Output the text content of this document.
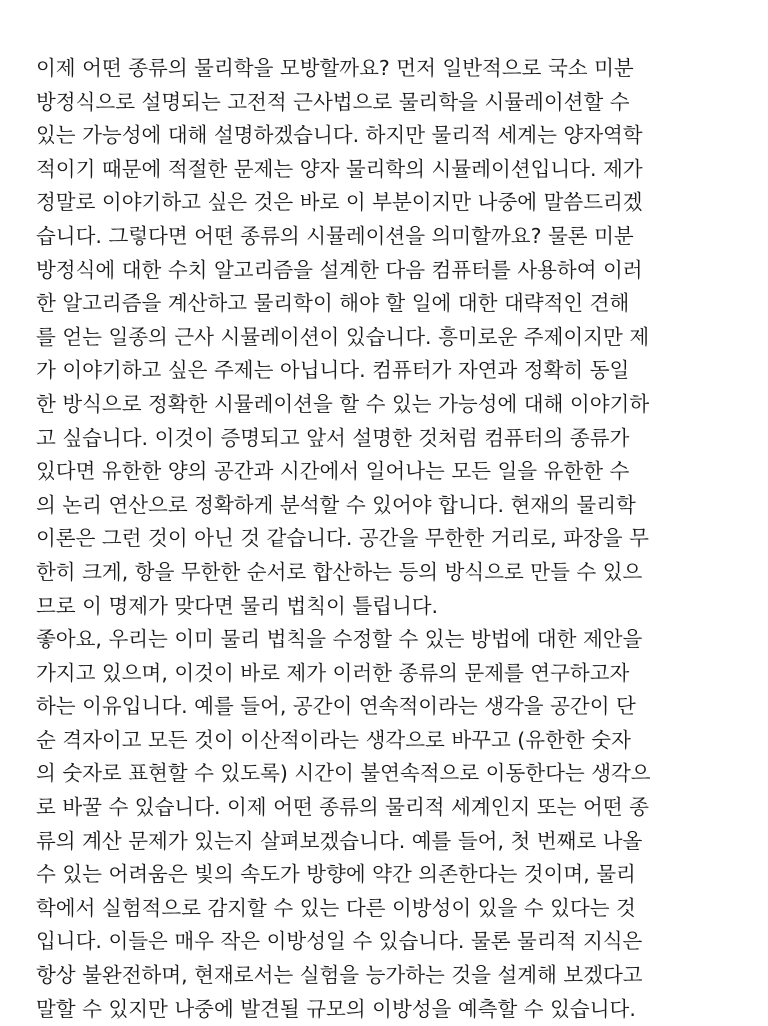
이제 어떤 종류의 물리학을 모방할까요? 먼저 일반적으로 국소 미분
방정식으로 설명되는 고전적 근사법으로 물리학을 시뮬레이션할 수
있는 가능성에 대해 설명하겠습니다. 하지만 물리적 세계는 양자역학
적이기 때문에 적절한 문제는 양자 물리학의 시뮬레이션입니다. 제가
정말로 이야기하고 싶은 것은 바로 이 부분이지만 나중에 말씀드리겠
습니다. 그렇다면 어떤 종류의 시뮬레이션을 의미할까요? 물론 미분
방정식에 대한 수치 알고리즘을 설계한 다음 컴퓨터를 사용하여 이러
한 알고리즘을 계산하고 물리학이 해야 할 일에 대한 대략적인 견해
를 얻는 일종의 근사 시뮬레이션이 있습니다. 흥미로운 주제이지만 제
가 이야기하고 싶은 주제는 아닙니다. 컴퓨터가 자연과 정확히 동일
한 방식으로 정확한 시뮬레이션을 할 수 있는 가능성에 대해 이야기하
고 싶습니다. 이것이 증명되고 앞서 설명한 것처럼 컴퓨터의 종류가
있다면 유한한 양의 공간과 시간에서 일어나는 모든 일을 유한한 수
의 논리 연산으로 정확하게 분석할 수 있어야 합니다. 현재의 물리학
이론은 그런 것이 아닌 것 같습니다. 공간을 무한한 거리로, 파장을 무
한히 크게, 항을 무한한 순서로 합산하는 등의 방식으로 만들 수 있으
므로 이 명제가 맞다면 물리 법칙이 틀립니다.
좋아요, 우리는 이미 물리 법칙을 수정할 수 있는 방법에 대한 제안을
가지고 있으며, 이것이 바로 제가 이러한 종류의 문제를 연구하고자
하는 이유입니다. 예를 들어, 공간이 연속적이라는 생각을 공간이 단
순 격자이고 모든 것이 이산적이라는 생각으로 바꾸고 (유한한 숫자
의 숫자로 표현할 수 있도록) 시간이 불연속적으로 이동한다는 생각으
로 바꿀 수 있습니다. 이제 어떤 종류의 물리적 세계인지 또는 어떤 종
류의 계산 문제가 있는지 살펴보겠습니다. 예를 들어, 첫 번째로 나올
수 있는 어려움은 빛의 속도가 방향에 약간 의존한다는 것이며, 물리
학에서 실험적으로 감지할 수 있는 다른 이방성이 있을 수 있다는 것
입니다. 이들은 매우 작은 이방성일 수 있습니다. 물론 물리적 지식은
항상 불완전하며, 현재로서는 실험을 능가하는 것을 설계해 보겠다고
말할 수 있지만 나중에 발견될 규모의 이방성을 예측할 수 있습니다.
